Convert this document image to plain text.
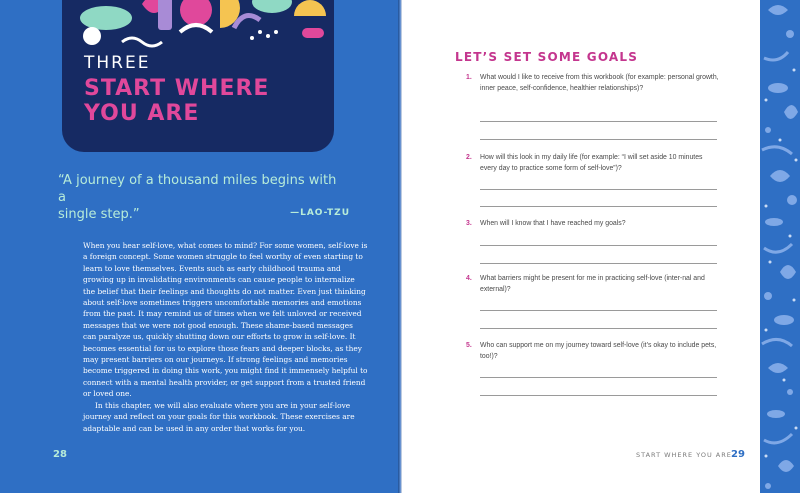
THREE
START WHERE
YOU ARE
“A journey of a thousand miles begins with a
single step.”	—LAO-TZU

When you hear self-love, what comes to mind? For some women, self-love is a foreign concept. Some women struggle to feel worthy of even starting to learn to love themselves. Events such as early childhood trauma and growing up in invalidating environments can cause people to internalize the belief that their feelings and thoughts do not matter. Even just thinking about self-love sometimes triggers uncomfortable memories and emotions from the past. It may remind us of times when we felt unloved or received messages that we were not good enough. These shame-based messages can paralyze us, quickly shutting down our efforts to grow in self-love. It becomes essential for us to explore those fears and deeper blocks, as they may present barriers on our journeys. If strong feelings and memories become triggered in doing this work, you might find it immensely helpful to connect with a mental health provider, or get support from a trusted friend or loved one.

In this chapter, we will also evaluate where you are in your self-love journey and reflect on your goals for this workbook. These exercises are adaptable and can be used in any order that works for you.

28
LET’S SET SOME GOALS
1. What would I like to receive from this workbook (for example: personal growth, inner peace, self-confidence, healthier relationships)?
2. How will this look in my daily life (for example: “I will set aside 10 minutes every day to practice some form of self-love”)?
3. When will I know that I have reached my goals?
4. What barriers might be present for me in practicing self-love (inter-nal and external)?
5. Who can support me on my journey toward self-love (it’s okay to include pets, too!)?
START WHERE YOU ARE 29
